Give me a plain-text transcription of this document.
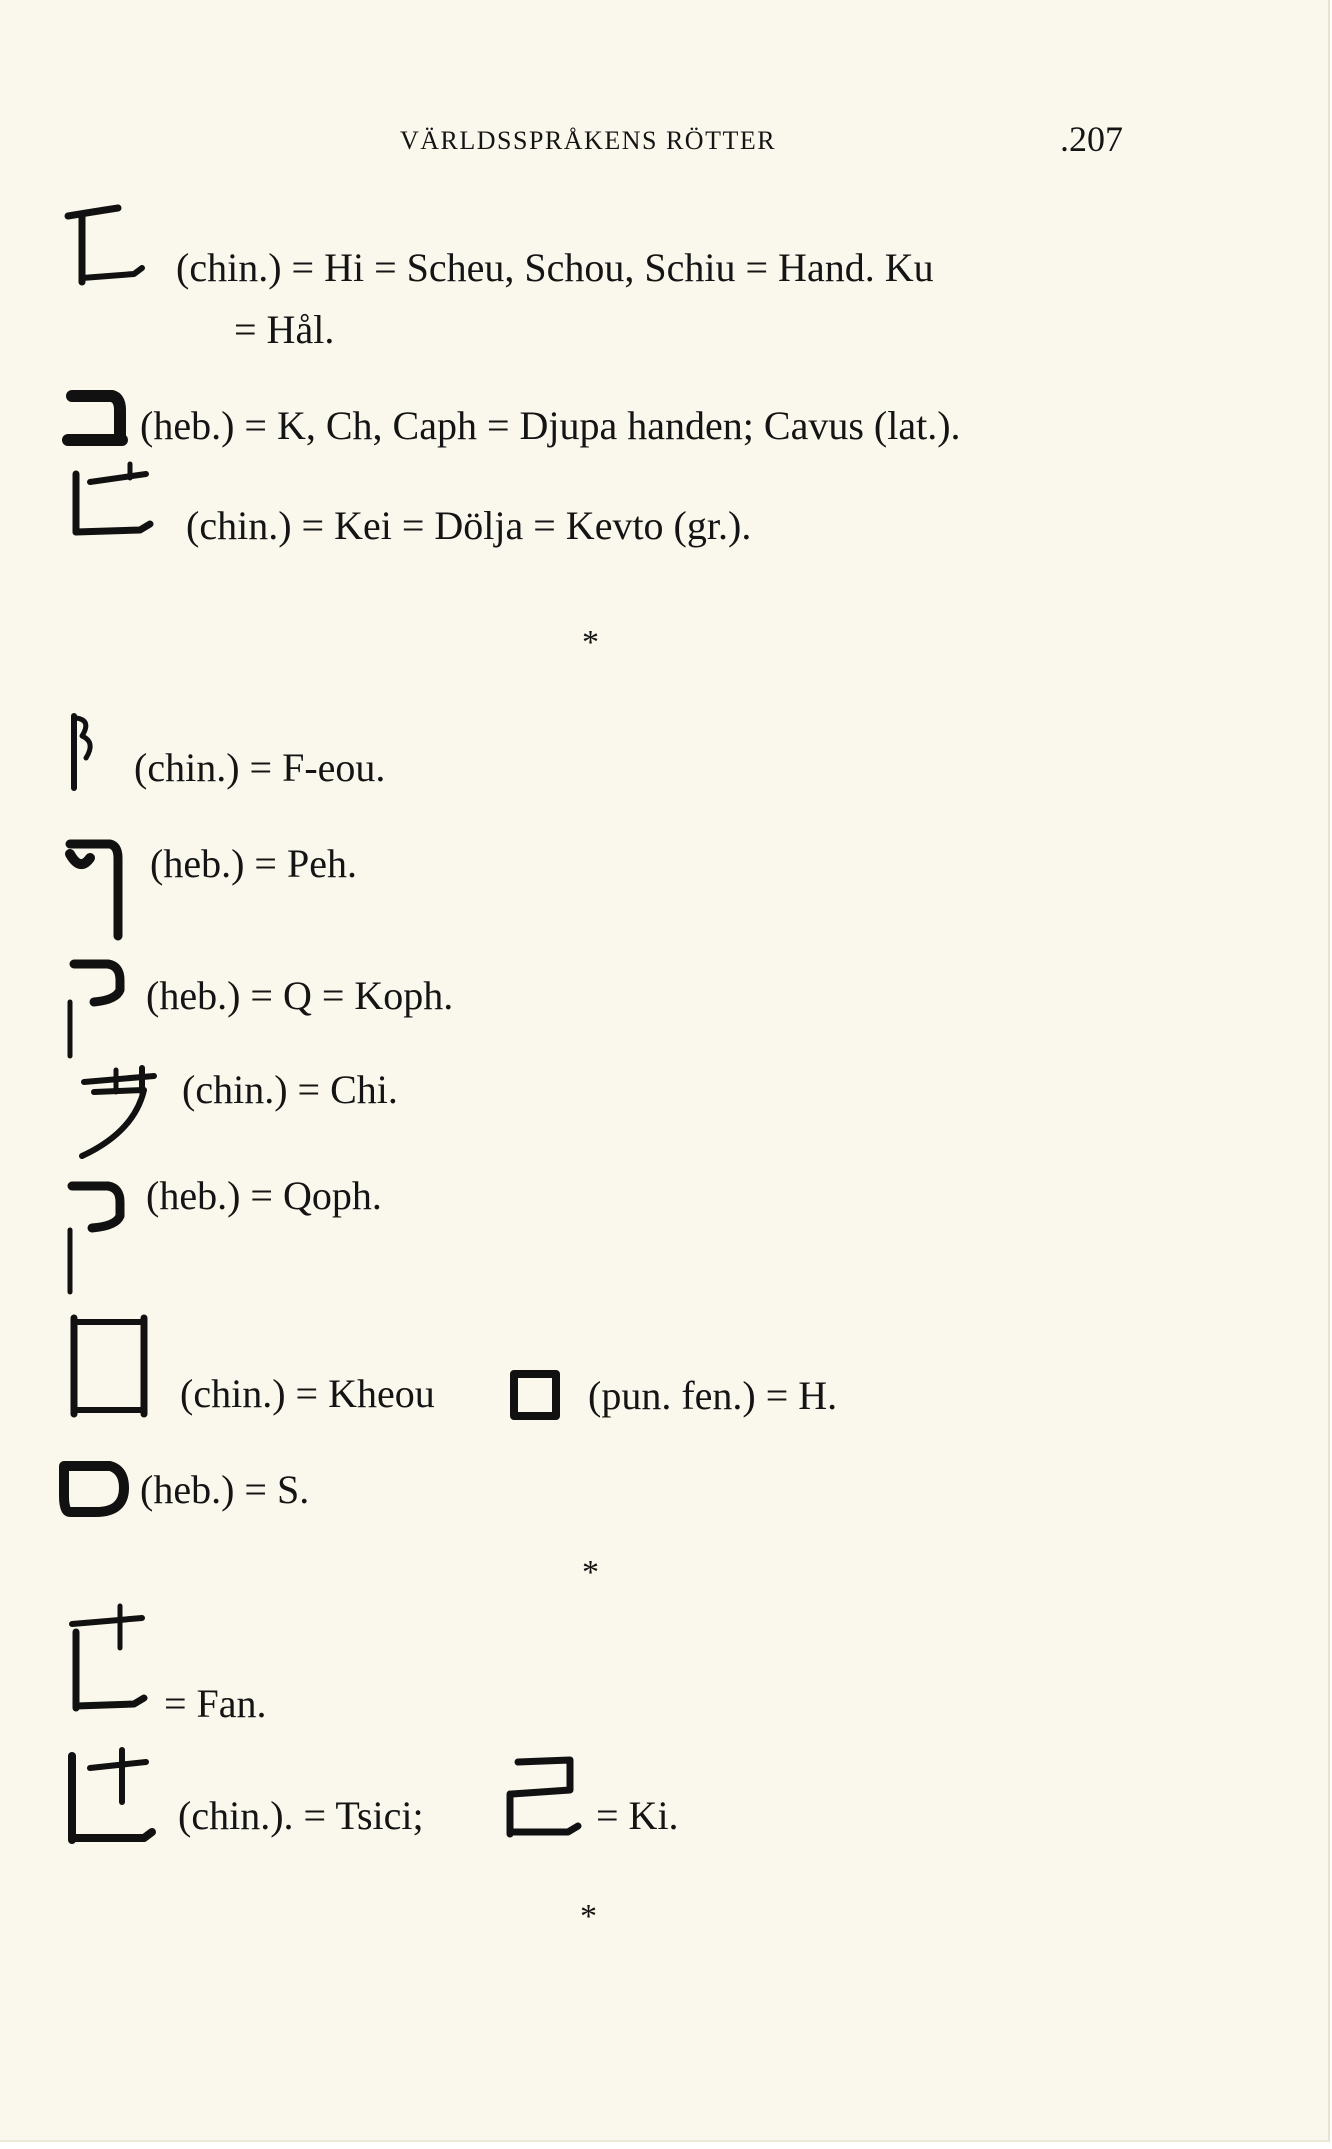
VÄRLDSSPRÅKENS RÖTTER	.207
(chin.) = Hi = Scheu, Schou, Schiu = Hand. Ku
= Hål.
(heb.) = K, Ch, Caph = Djupa handen; Cavus (lat.).
(chin.) = Kei = Dölja = Kevto (gr.).
*
(chin.) = F-eou.
(heb.) = Peh.
(heb.) = Q = Koph.
(chin.) = Chi.
(heb.) = Qoph.
(chin.) = Kheou	(pun. fen.) = H.
(heb.) = S.
*
= Fan.
(chin.). = Tsici;	= Ki.
*
